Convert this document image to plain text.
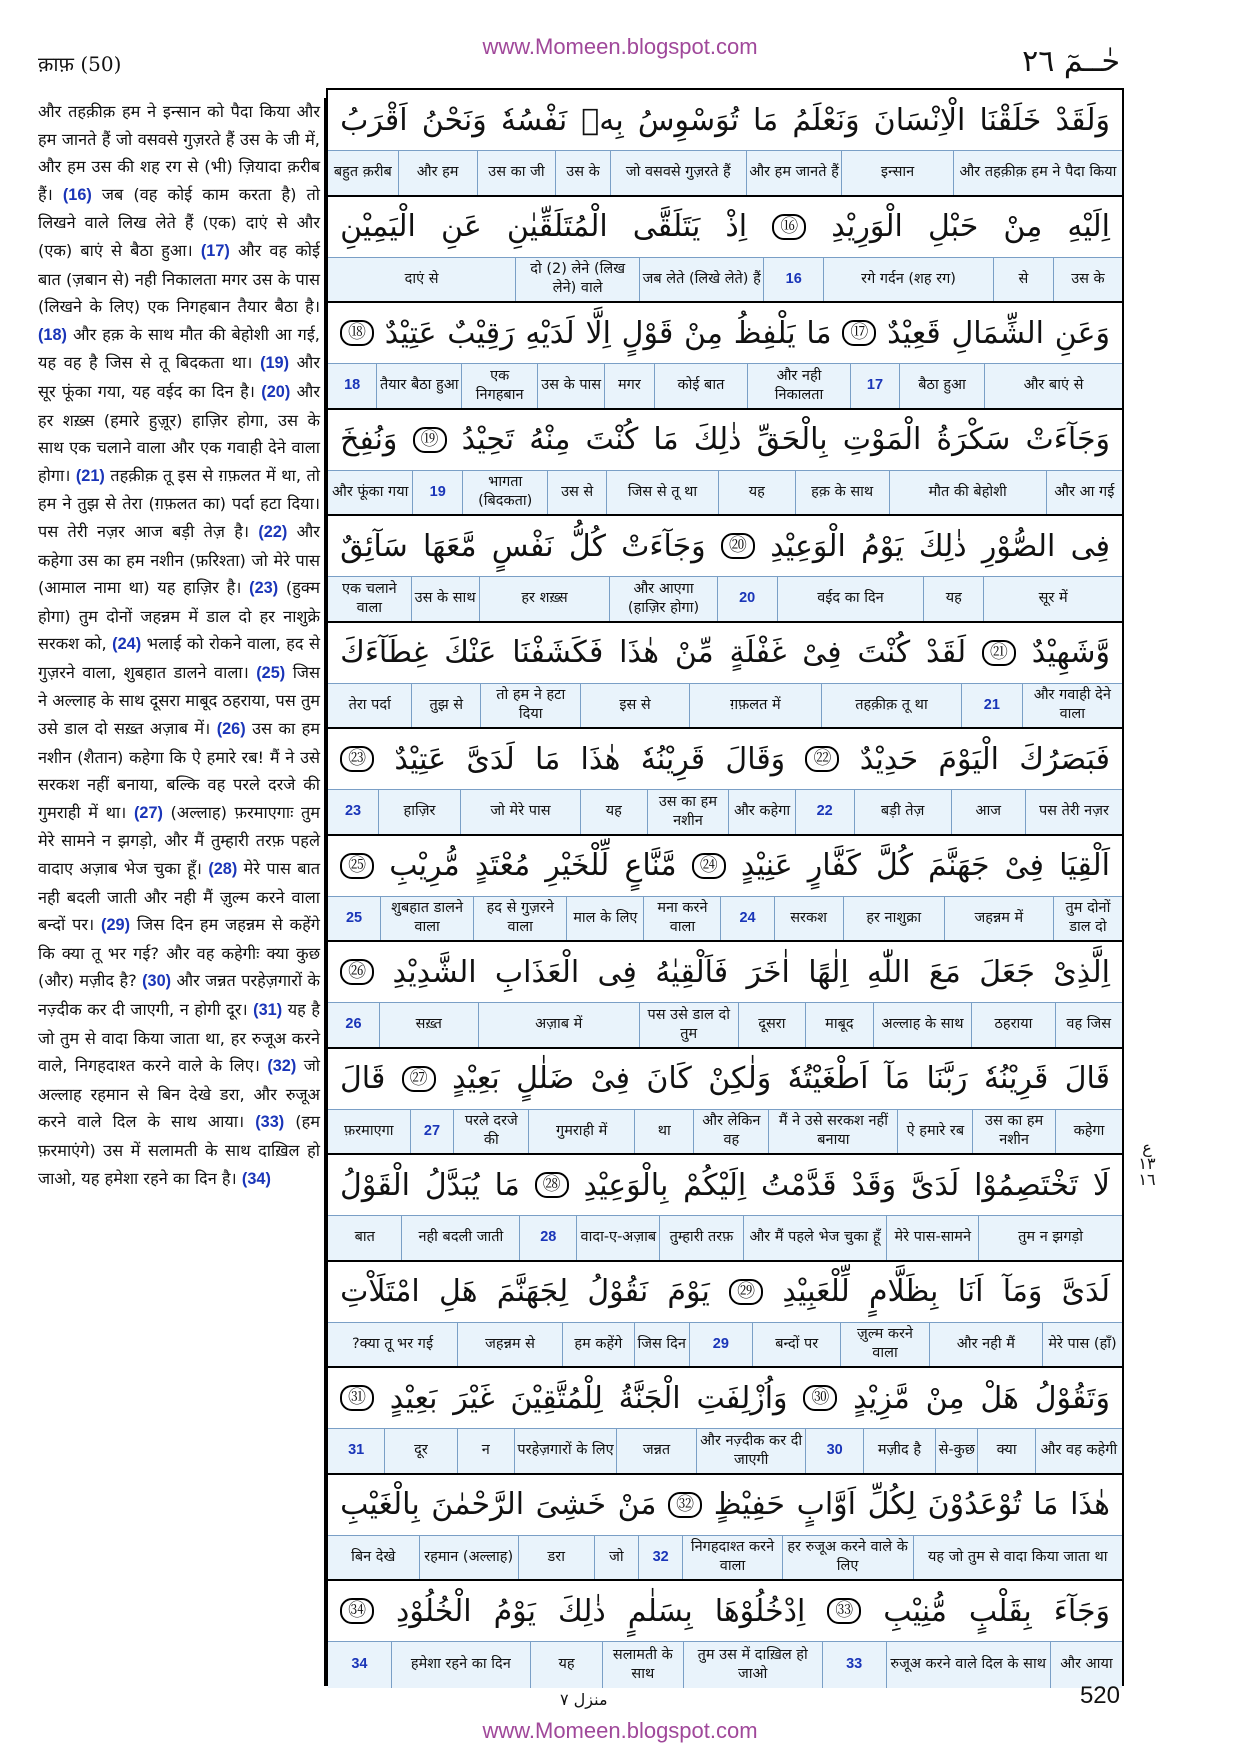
www.Momeen.blogspot.com
क़ाफ़ (50)	حٰــمٓ ٢٦
और तहक़ीक़ हम ने इन्सान को पैदा किया और हम जानते हैं जो वसवसे गुज़रते हैं उस के जी में, और हम उस की शह रग से (भी) ज़ियादा क़रीब हैं। (16) जब (वह कोई काम करता है) तो लिखने वाले लिख लेते हैं (एक) दाएं से और (एक) बाएं से बैठा हुआ। (17) और वह कोई बात (ज़बान से) नही निकालता मगर उस के पास (लिखने के लिए) एक निगहबान तैयार बैठा है। (18) और हक़ के साथ मौत की बेहोशी आ गई, यह वह है जिस से तू बिदकता था। (19) और सूर फूंका गया, यह वईद का दिन है। (20) और हर शख़्स (हमारे हुज़ूर) हाज़िर होगा, उस के साथ एक चलाने वाला और एक गवाही देने वाला होगा। (21) तहक़ीक़ तू इस से ग़फ़लत में था, तो हम ने तुझ से तेरा (ग़फ़लत का) पर्दा हटा दिया। पस तेरी नज़र आज बड़ी तेज़ है। (22) और कहेगा उस का हम नशीन (फ़रिश्ता) जो मेरे पास (आमाल नामा था) यह हाज़िर है। (23) (हुक्म होगा) तुम दोनों जहन्नम में डाल दो हर नाशुक्रे सरकश को, (24) भलाई को रोकने वाला, हद से गुज़रने वाला, शुबहात डालने वाला। (25) जिस ने अल्लाह के साथ दूसरा माबूद ठहराया, पस तुम उसे डाल दो सख़्त अज़ाब में। (26) उस का हम नशीन (शैतान) कहेगा कि ऐ हमारे रब! मैं ने उसे सरकश नहीं बनाया, बल्कि वह परले दरजे की गुमराही में था। (27) (अल्लाह) फ़रमाएगाः तुम मेरे सामने न झगड़ो, और मैं तुम्हारी तरफ़ पहले वादाए अज़ाब भेज चुका हूँ। (28) मेरे पास बात नही बदली जाती और नही मैं ज़ुल्म करने वाला बन्दों पर। (29) जिस दिन हम जहन्नम से कहेंगे कि क्या तू भर गई? और वह कहेगीः क्या कुछ (और) मज़ीद है? (30) और जन्नत परहेज़गारों के नज़्दीक कर दी जाएगी, न होगी दूर। (31) यह है जो तुम से वादा किया जाता था, हर रुजूअ करने वाले, निगहदाश्त करने वाले के लिए। (32) जो अल्लाह रहमान से बिन देखे डरा, और रुजूअ करने वाले दिल के साथ आया। (33) (हम फ़रमाएंगे) उस में सलामती के साथ दाख़िल हो जाओ, यह हमेशा रहने का दिन है। (34)
وَلَقَدْ
خَلَقْنَا
الْاِنْسَانَ
وَنَعْلَمُ
مَا
تُوَسْوِسُ
بِهٖ
نَفْسُهٗ
وَنَحْنُ
اَقْرَبُ
और तहक़ीक़ हम ने पैदा किया
इन्सान
और हम जानते हैं
जो वसवसे गुज़रते हैं
उस के
उस का जी
और हम
बहुत क़रीब
اِلَيْهِ
مِنْ
حَبْلِ
الْوَرِيْدِ
⑯
اِذْ
يَتَلَقَّى
الْمُتَلَقِّيٰنِ
عَنِ
الْيَمِيْنِ
उस के
से
रगे गर्दन (शह रग)
16
जब लेते (लिखे लेते) हैं
दो (2) लेने (लिख लेने) वाले
दाएं से
وَعَنِ
الشِّمَالِ
قَعِيْدٌ
⑰
مَا
يَلْفِظُ
مِنْ
قَوْلٍ
اِلَّا
لَدَيْهِ
رَقِيْبٌ
عَتِيْدٌ
⑱
और बाएं से
बैठा हुआ
17
और नही निकालता
कोई बात
मगर
उस के पास
एक निगहबान
तैयार बैठा हुआ
18
وَجَآءَتْ
سَكْرَةُ
الْمَوْتِ
بِالْحَقِّ
ذٰلِكَ
مَا
كُنْتَ
مِنْهُ
تَحِيْدُ
⑲
وَنُفِخَ
और आ गई
मौत की बेहोशी
हक़ के साथ
यह
जिस से तू था
उस से
भागता (बिदकता)
19
और फूंका गया
فِى
الصُّوْرِ
ذٰلِكَ
يَوْمُ
الْوَعِيْدِ
⑳
وَجَآءَتْ
كُلُّ
نَفْسٍ
مَّعَهَا
سَآئِقٌ
सूर में
यह
वईद का दिन
20
और आएगा (हाज़िर होगा)
हर शख़्स
उस के साथ
एक चलाने वाला
وَّشَهِيْدٌ
㉑
لَقَدْ
كُنْتَ
فِىْ
غَفْلَةٍ
مِّنْ
هٰذَا
فَكَشَفْنَا
عَنْكَ
غِطَآءَكَ
और गवाही देने वाला
21
तहक़ीक़ तू था
ग़फ़लत में
इस से
तो हम ने हटा दिया
तुझ से
तेरा पर्दा
فَبَصَرُكَ
الْيَوْمَ
حَدِيْدٌ
㉒
وَقَالَ
قَرِيْنُهٗ
هٰذَا
مَا
لَدَىَّ
عَتِيْدٌ
㉓
पस तेरी नज़र
आज
बड़ी तेज़
22
और कहेगा
उस का हम नशीन
यह
जो मेरे पास
हाज़िर
23
اَلْقِيَا
فِىْ
جَهَنَّمَ
كُلَّ
كَفَّارٍ
عَنِيْدٍ
㉔
مَّنَّاعٍ
لِّلْخَيْرِ
مُعْتَدٍ
مُّرِيْبِ
㉕
तुम दोनों डाल दो
जहन्नम में
हर नाशुक्रा
सरकश
24
मना करने वाला
माल के लिए
हद से गुज़रने वाला
शुबहात डालने वाला
25
اِلَّذِىْ
جَعَلَ
مَعَ
اللّٰهِ
اِلٰهًا
اٰخَرَ
فَاَلْقِيٰهُ
فِى
الْعَذَابِ
الشَّدِيْدِ
㉖
वह जिस
ठहराया
अल्लाह के साथ
माबूद
दूसरा
पस उसे डाल दो तुम
अज़ाब में
सख़्त
26
قَالَ
قَرِيْنُهٗ
رَبَّنَا
مَآ
اَطْغَيْتُهٗ
وَلٰكِنْ
كَانَ
فِىْ
ضَلٰلٍ
بَعِيْدٍ
㉗
قَالَ
कहेगा
उस का हम नशीन
ऐ हमारे रब
मैं ने उसे सरकश नहीं बनाया
और लेकिन वह
था
गुमराही में
परले दरजे की
27
फ़रमाएगा
لَا
تَخْتَصِمُوْا
لَدَىَّ
وَقَدْ
قَدَّمْتُ
اِلَيْكُمْ
بِالْوَعِيْدِ
㉘
مَا
يُبَدَّلُ
الْقَوْلُ
तुम न झगड़ो
मेरे पास-सामने
और मैं पहले भेज चुका हूँ
तुम्हारी तरफ़
वादा-ए-अज़ाब
28
नही बदली जाती
बात
لَدَىَّ
وَمَآ
اَنَا
بِظَلَّامٍ
لِّلْعَبِيْدِ
㉙
يَوْمَ
نَقُوْلُ
لِجَهَنَّمَ
هَلِ
امْتَلَاْتِ
मेरे पास (हाँ)
और नही मैं
ज़ुल्म करने वाला
बन्दों पर
29
जिस दिन
हम कहेंगे
जहन्नम से
क्या तू भर गई?
وَتَقُوْلُ
هَلْ
مِنْ
مَّزِيْدٍ
㉚
وَاُزْلِفَتِ
الْجَنَّةُ
لِلْمُتَّقِيْنَ
غَيْرَ
بَعِيْدٍ
㉛
और वह कहेगी
क्या
से-कुछ
मज़ीद है
30
और नज़्दीक कर दी जाएगी
जन्नत
परहेज़गारों के लिए
न
दूर
31
هٰذَا
مَا
تُوْعَدُوْنَ
لِكُلِّ
اَوَّابٍ
حَفِيْظٍ
㉜
مَنْ
خَشِىَ
الرَّحْمٰنَ
بِالْغَيْبِ
यह जो तुम से वादा किया जाता था
हर रुजूअ करने वाले के लिए
निगहदाश्त करने वाला
32
जो
डरा
रहमान (अल्लाह)
बिन देखे
وَجَآءَ
بِقَلْبٍ
مُّنِيْبِ
㉝
اِدْخُلُوْهَا
بِسَلٰمٍ
ذٰلِكَ
يَوْمُ
الْخُلُوْدِ
㉞
और आया
रुजूअ करने वाले दिल के साथ
33
तुम उस में दाख़िल हो जाओ
सलामती के साथ
यह
हमेशा रहने का दिन
34
ع ١٣ ١٦
منزل ٧	520
www.Momeen.blogspot.com
